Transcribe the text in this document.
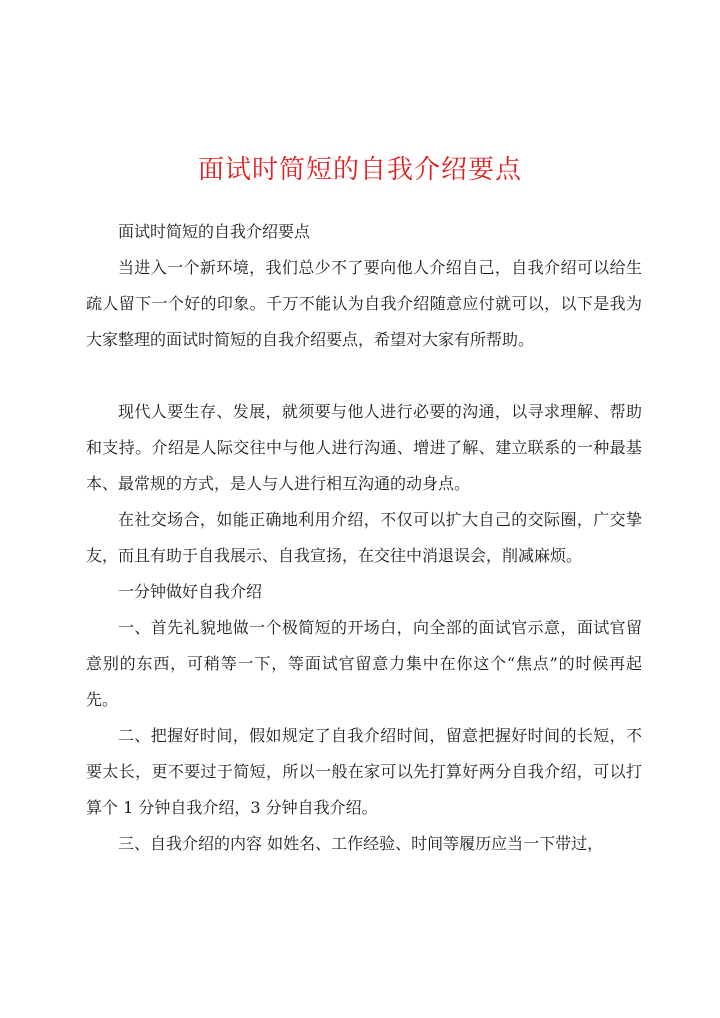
面试时简短的自我介绍要点

面试时简短的自我介绍要点

当进入一个新环境，我们总少不了要向他人介绍自己，自我介绍可以给生疏人留下一个好的印象。千万不能认为自我介绍随意应付就可以，以下是我为大家整理的面试时简短的自我介绍要点，希望对大家有所帮助。

现代人要生存、发展，就须要与他人进行必要的沟通，以寻求理解、帮助和支持。介绍是人际交往中与他人进行沟通、增进了解、建立联系的一种最基本、最常规的方式，是人与人进行相互沟通的动身点。

在社交场合，如能正确地利用介绍，不仅可以扩大自己的交际圈，广交挚友，而且有助于自我展示、自我宣扬，在交往中消退误会，削减麻烦。

一分钟做好自我介绍

一、首先礼貌地做一个极简短的开场白，向全部的面试官示意，面试官留意别的东西，可稍等一下，等面试官留意力集中在你这个“焦点”的时候再起先。

二、把握好时间，假如规定了自我介绍时间，留意把握好时间的长短，不要太长，更不要过于简短，所以一般在家可以先打算好两分自我介绍，可以打算个 1 分钟自我介绍，3 分钟自我介绍。

三、自我介绍的内容 如姓名、工作经验、时间等履历应当一下带过，
